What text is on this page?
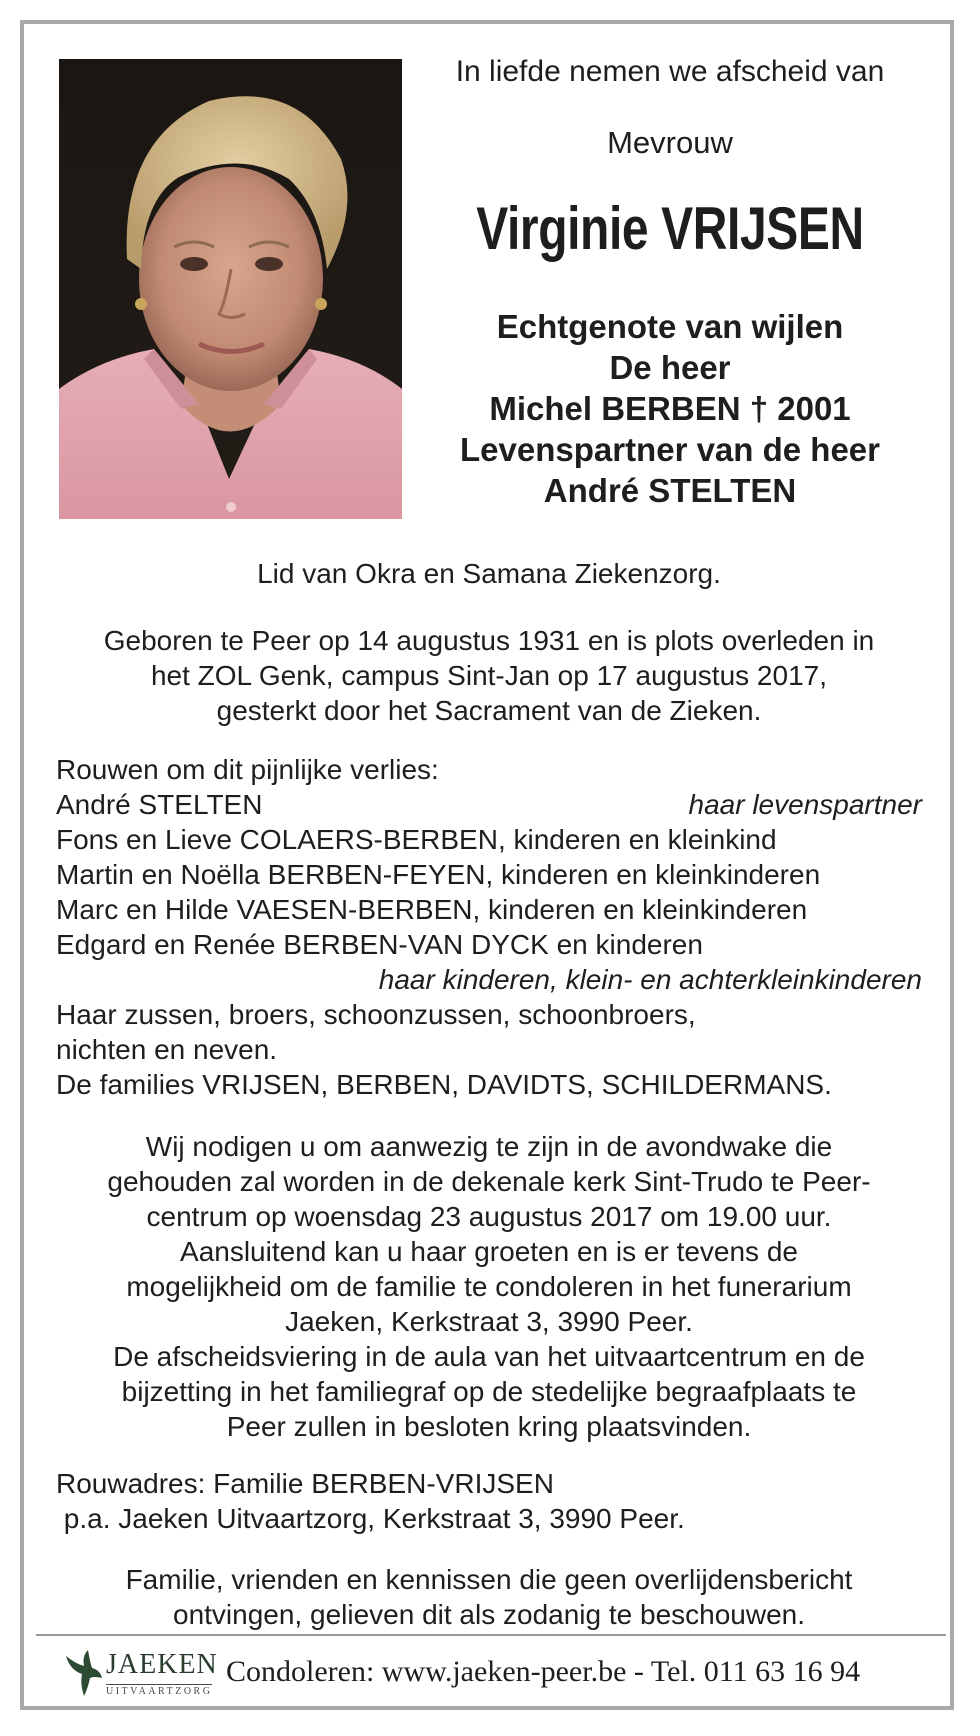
In liefde nemen we afscheid van
Mevrouw
Virginie VRIJSEN
Echtgenote van wijlen
De heer
Michel BERBEN † 2001
Levenspartner van de heer
André STELTEN
Lid van Okra en Samana Ziekenzorg.
Geboren te Peer op 14 augustus 1931 en is plots overleden in
het ZOL Genk, campus Sint-Jan op 17 augustus 2017,
gesterkt door het Sacrament van de Zieken.
Rouwen om dit pijnlijke verlies:
André STELTEN	haar levenspartner
Fons en Lieve COLAERS-BERBEN, kinderen en kleinkind
Martin en Noëlla BERBEN-FEYEN, kinderen en kleinkinderen
Marc en Hilde VAESEN-BERBEN, kinderen en kleinkinderen
Edgard en Renée BERBEN-VAN DYCK en kinderen
haar kinderen, klein- en achterkleinkinderen
Haar zussen, broers, schoonzussen, schoonbroers,
nichten en neven.
De families VRIJSEN, BERBEN, DAVIDTS, SCHILDERMANS.
Wij nodigen u om aanwezig te zijn in de avondwake die
gehouden zal worden in de dekenale kerk Sint-Trudo te Peer-
centrum op woensdag 23 augustus 2017 om 19.00 uur.
Aansluitend kan u haar groeten en is er tevens de
mogelijkheid om de familie te condoleren in het funerarium
Jaeken, Kerkstraat 3, 3990 Peer.
De afscheidsviering in de aula van het uitvaartcentrum en de
bijzetting in het familiegraf op de stedelijke begraafplaats te
Peer zullen in besloten kring plaatsvinden.
Rouwadres: Familie BERBEN-VRIJSEN
p.a. Jaeken Uitvaartzorg, Kerkstraat 3, 3990 Peer.
Familie, vrienden en kennissen die geen overlijdensbericht
ontvingen, gelieven dit als zodanig te beschouwen.
JAEKEN
UITVAARTZORG
Condoleren: www.jaeken-peer.be - Tel. 011 63 16 94
